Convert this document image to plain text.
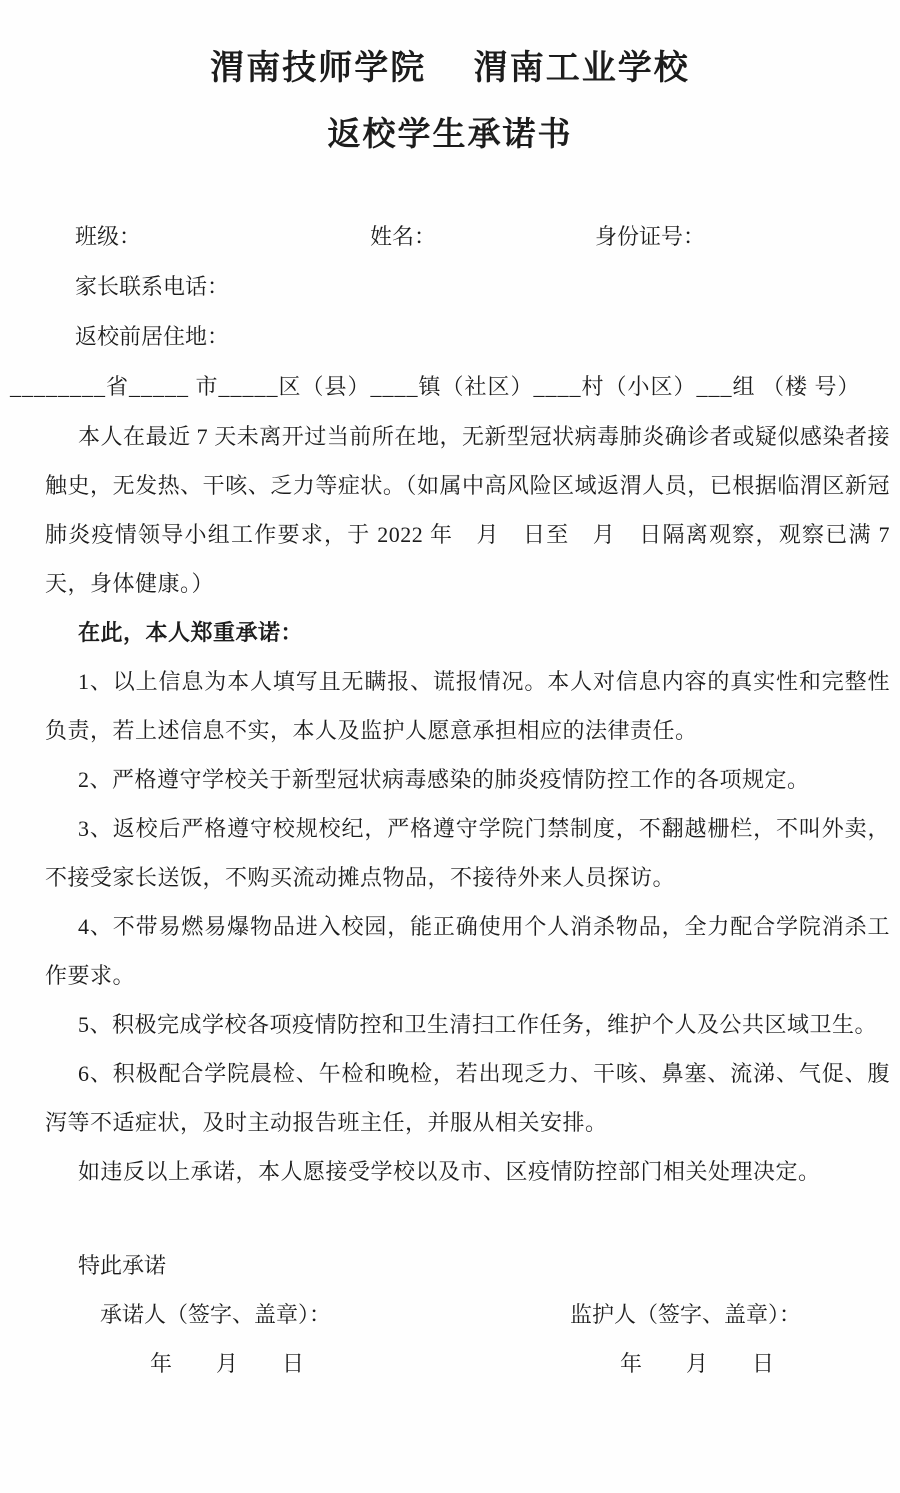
渭南技师学院　 渭南工业学校
返校学生承诺书
班级：	姓名：	身份证号：
家长联系电话：
返校前居住地：
________省_____ 市_____区（县）____镇（社区）____村（小区）___组 （楼 号）

本人在最近 7 天未离开过当前所在地，无新型冠状病毒肺炎确诊者或疑似感染者接触史，无发热、干咳、乏力等症状。（如属中高风险区域返渭人员，已根据临渭区新冠肺炎疫情领导小组工作要求，于 2022 年　月　日至　月　日隔离观察，观察已满 7 天，身体健康。）

在此，本人郑重承诺：

1、以上信息为本人填写且无瞒报、谎报情况。本人对信息内容的真实性和完整性负责，若上述信息不实，本人及监护人愿意承担相应的法律责任。

2、严格遵守学校关于新型冠状病毒感染的肺炎疫情防控工作的各项规定。

3、返校后严格遵守校规校纪，严格遵守学院门禁制度，不翻越栅栏，不叫外卖，不接受家长送饭，不购买流动摊点物品，不接待外来人员探访。

4、不带易燃易爆物品进入校园，能正确使用个人消杀物品，全力配合学院消杀工作要求。

5、积极完成学校各项疫情防控和卫生清扫工作任务，维护个人及公共区域卫生。

6、积极配合学院晨检、午检和晚检，若出现乏力、干咳、鼻塞、流涕、气促、腹泻等不适症状，及时主动报告班主任，并服从相关安排。

如违反以上承诺，本人愿接受学校以及市、区疫情防控部门相关处理决定。

特此承诺
承诺人（签字、盖章）：	监护人（签字、盖章）：
年　　月　　日	年　　月　　日
